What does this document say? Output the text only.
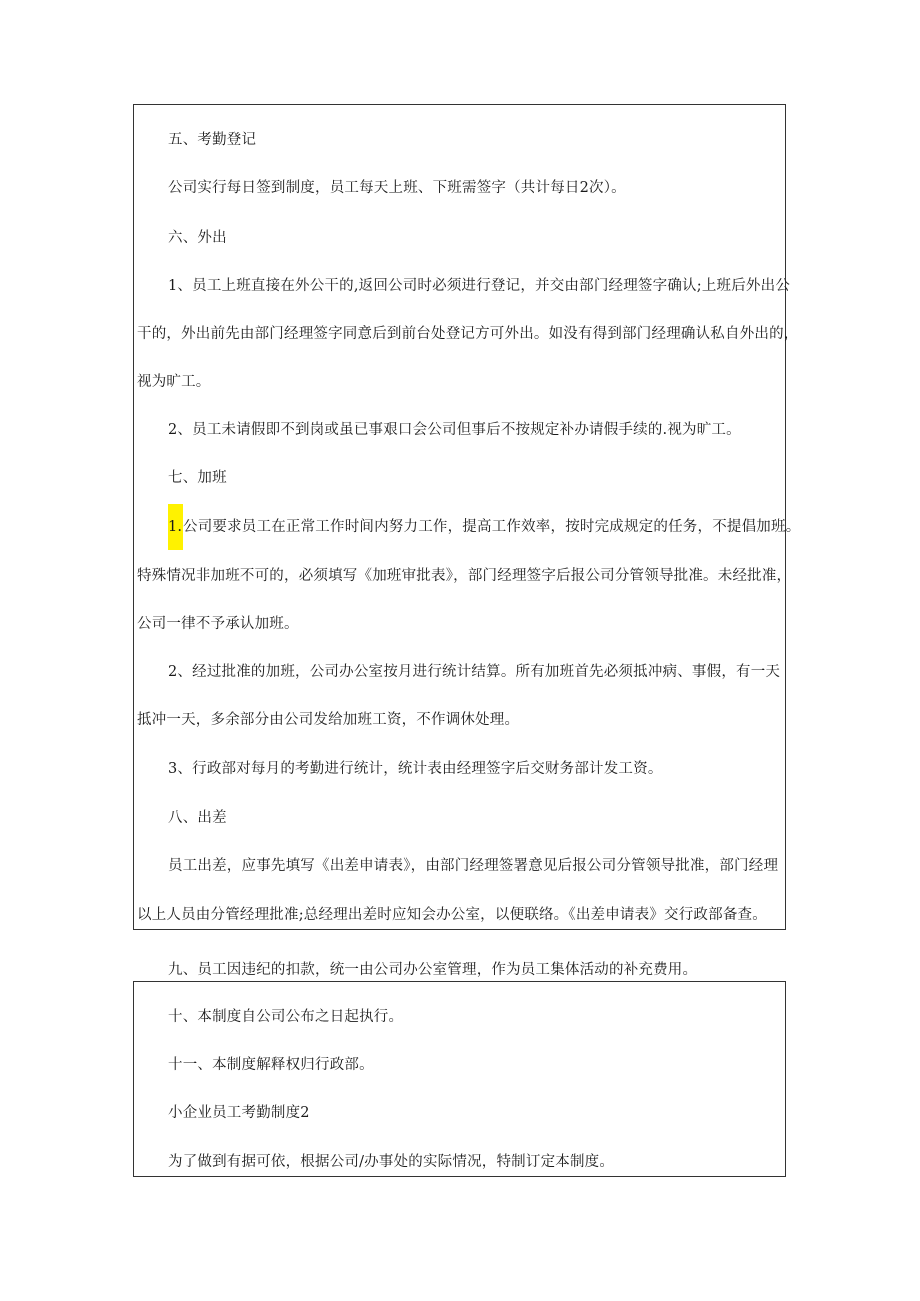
五、考勤登记
公司实行每日签到制度，员工每天上班、下班需签字（共计每日2次）。
六、外出
1、员工上班直接在外公干的,返回公司时必须进行登记，并交由部门经理签字确认;上班后外出公
干的，外出前先由部门经理签字同意后到前台处登记方可外出。如没有得到部门经理确认私自外出的，
视为旷工。
2、员工未请假即不到岗或虽已事艰口会公司但事后不按规定补办请假手续的.视为旷工。
七、加班
1.公司要求员工在正常工作时间内努力工作，提高工作效率，按时完成规定的任务，不提倡加班。
特殊情况非加班不可的，必须填写《加班审批表》，部门经理签字后报公司分管领导批准。未经批准，
公司一律不予承认加班。
2、经过批准的加班，公司办公室按月进行统计结算。所有加班首先必须抵冲病、事假，有一天
抵冲一天，多余部分由公司发给加班工资，不作调休处理。
3、行政部对每月的考勤进行统计，统计表由经理签字后交财务部计发工资。
八、出差
员工出差，应事先填写《出差申请表》，由部门经理签署意见后报公司分管领导批准，部门经理
以上人员由分管经理批准;总经理出差时应知会办公室，以便联络。《出差申请表》交行政部备查。
九、员工因违纪的扣款，统一由公司办公室管理，作为员工集体活动的补充费用。
十、本制度自公司公布之日起执行。
十一、本制度解释权归行政部。
小企业员工考勤制度2
为了做到有据可依，根据公司/办事处的实际情况，特制订定本制度。
